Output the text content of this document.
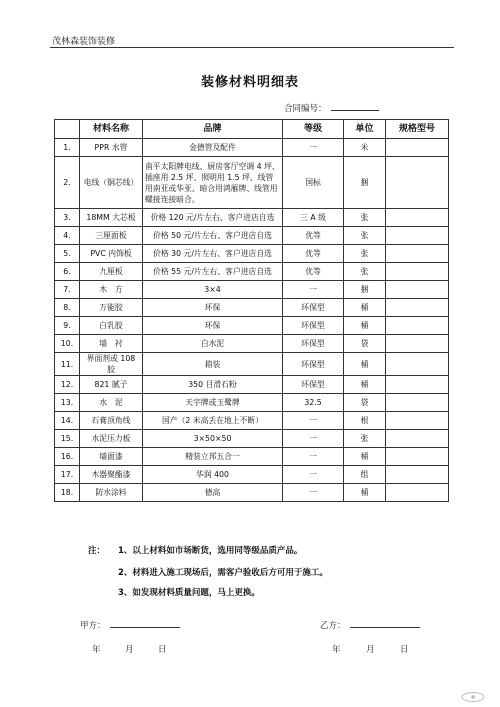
茂林森装饰装修
装修材料明细表
合同编号：
	材料名称	品牌	等级	单位	规格型号
1.	PPR 水管	金德管及配件	一	米	
2.	电线（铜芯线）	南平太阳牌电线、厨房客厅空调 4 坪、插座用 2.5 坪、照明用 1.5 坪、线管用南亚或华亚、暗合用鸿雁牌、线管用螺接连接暗合。	国标	捆	
3.	18MM 大芯板	价格 120 元/片左右、客户进店自选	三 A 级	张	
4.	三厘面板	价格 50 元/片左右、客户进店自选	优等	张	
5.	PVC 内饰板	价格 30 元/片左右、客户进店自选	优等	张	
6.	九厘板	价格 55 元/片左右、客户进店自选	优等	张	
7.	木　方	3×4	一	捆	
8.	万能胶	环保	环保型	桶	
9.	白乳胶	环保	环保型	桶	
10.	墙　衬	白水泥	环保型	袋	
11.	界面剂或 108 胶	箱装	环保型	桶	
12.	821 腻子	350 目滑石粉	环保型	桶	
13.	水　泥	天宇牌或玉鹭牌	32.5	袋	
14.	石膏顶角线	国产（2 米高丢在地上不断）	一	根	
15.	水泥压力板	3×50×50	一	张	
16.	墙面漆	精装立邦五合一	一	桶	
17.	木器聚酯漆	华润 400	一	组	
18.	防水涂料	德高	一	桶	
注： 1、以上材料如市场断货，选用同等级品质产品。
2、材料进入施工现场后，需客户验收后方可用于施工。
3、如发现材料质量问题，马上更换。
甲方：	乙方：
年	月	日	年	月	日
